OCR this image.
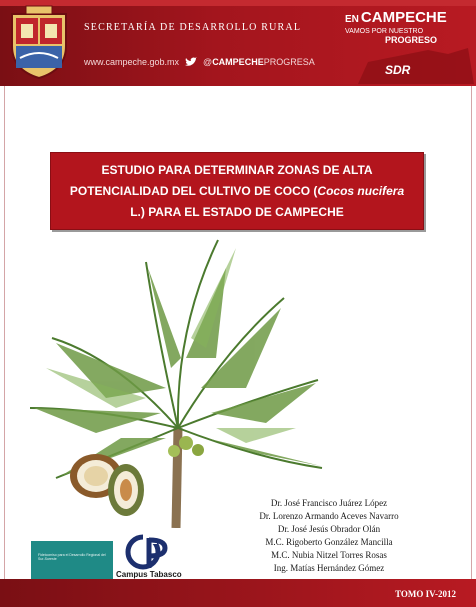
SECRETARÍA DE DESARROLLO RURAL
www.campeche.gob.mx	@CAMPECHEPROGRESA
EN CAMPECHE
VAMOS POR NUESTRO
PROGRESO
SDR
ESTUDIO PARA DETERMINAR ZONAS DE ALTA
POTENCIALIDAD DEL CULTIVO DE COCO (Cocos nucifera
L.) PARA EL ESTADO DE CAMPECHE
Dr. José Francisco Juárez López
Dr. Lorenzo Armando Aceves Navarro
Dr. José Jesús Obrador Olán
M.C. Rigoberto González Mancilla
M.C. Nubia Nitzel Torres Rosas
Ing. Matías Hernández Gómez
Fideicomiso para el Desarrollo Regional del Sur-Sureste
Campus Tabasco
TOMO IV-2012
